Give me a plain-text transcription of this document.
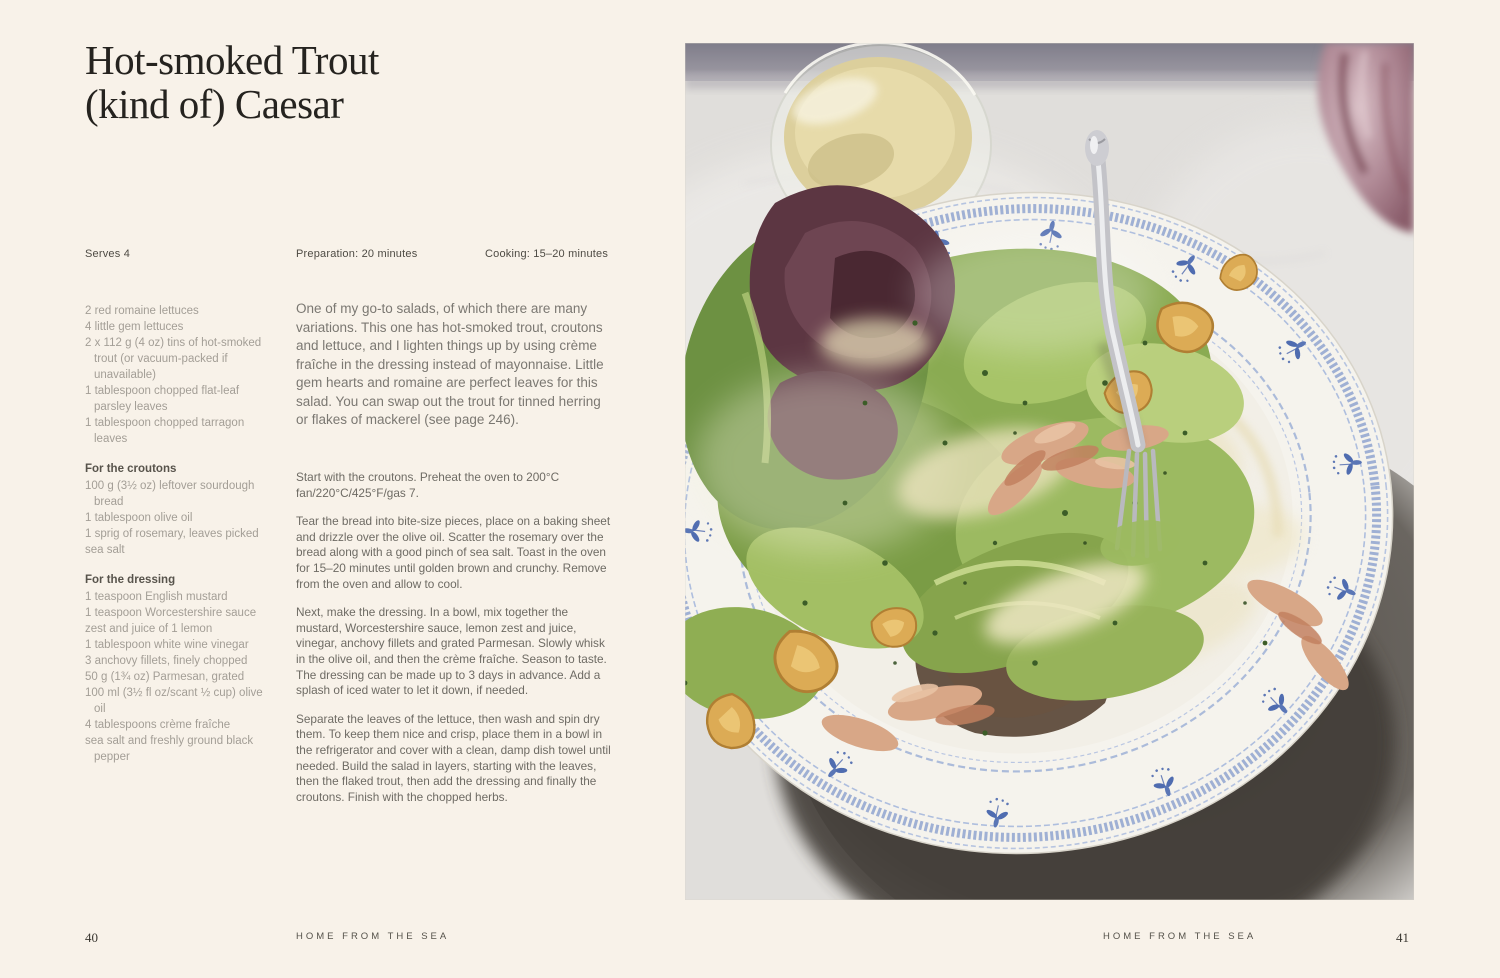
Hot-smoked Trout
(kind of) Caesar
Serves 4	Preparation: 20 minutes	Cooking: 15–20 minutes
2 red romaine lettuces
4 little gem lettuces
2 x 112 g (4 oz) tins of hot-smoked trout (or vacuum-packed if unavailable)
1 tablespoon chopped flat-leaf parsley leaves
1 tablespoon chopped tarragon leaves
For the croutons
100 g (3½ oz) leftover sourdough bread
1 tablespoon olive oil
1 sprig of rosemary, leaves picked
sea salt
For the dressing
1 teaspoon English mustard
1 teaspoon Worcestershire sauce
zest and juice of 1 lemon
1 tablespoon white wine vinegar
3 anchovy fillets, finely chopped
50 g (1¾ oz) Parmesan, grated
100 ml (3½ fl oz/scant ½ cup) olive oil
4 tablespoons crème fraîche
sea salt and freshly ground black pepper

One of my go-to salads, of which there are many variations. This one has hot-smoked trout, croutons and lettuce, and I lighten things up by using crème fraîche in the dressing instead of mayonnaise. Little gem hearts and romaine are perfect leaves for this salad. You can swap out the trout for tinned herring or flakes of mackerel (see page 246).

Start with the croutons. Preheat the oven to 200°C fan/220°C/425°F/gas 7.

Tear the bread into bite-size pieces, place on a baking sheet and drizzle over the olive oil. Scatter the rosemary over the bread along with a good pinch of sea salt. Toast in the oven for 15–20 minutes until golden brown and crunchy. Remove from the oven and allow to cool.

Next, make the dressing. In a bowl, mix together the mustard, Worcestershire sauce, lemon zest and juice, vinegar, anchovy fillets and grated Parmesan. Slowly whisk in the olive oil, and then the crème fraîche. Season to taste. The dressing can be made up to 3 days in advance. Add a splash of iced water to let it down, if needed.

Separate the leaves of the lettuce, then wash and spin dry them. To keep them nice and crisp, place them in a bowl in the refrigerator and cover with a clean, damp dish towel until needed. Build the salad in layers, starting with the leaves, then the flaked trout, then add the dressing and finally the croutons. Finish with the chopped herbs.

40	HOME FROM THE SEA	HOME FROM THE SEA	41
